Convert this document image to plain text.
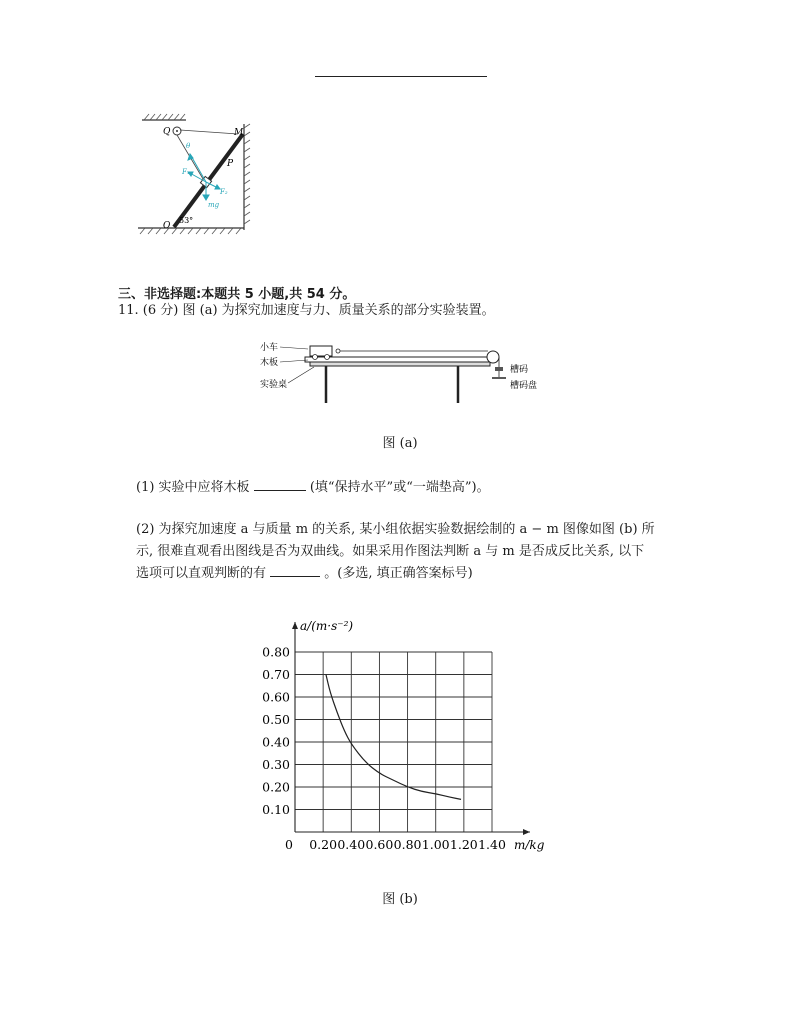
Q	M
P
O
53°
θ
F₁
F₂
mg
三、非选择题:本题共 5 小题,共 54 分。
11. (6 分) 图 (a) 为探究加速度与力、质量关系的部分实验装置。
小车
木板
实验桌
槽码
槽码盘
图 (a)
(1) 实验中应将木板	(填“保持水平”或“一端垫高”)。
(2) 为探究加速度 a 与质量 m 的关系, 某小组依据实验数据绘制的 a − m 图像如图 (b) 所
示, 很难直观看出图线是否为双曲线。如果采用作图法判断 a 与 m 是否成反比关系, 以下
选项可以直观判断的有	。(多选, 填正确答案标号)
0 0.20 0.40 0.60 0.80 1.00 1.20 1.40
0.80
0.70
0.60
0.50
0.40
0.30
0.20
0.10
a/(m·s⁻²)
m/kg
图 (b)
